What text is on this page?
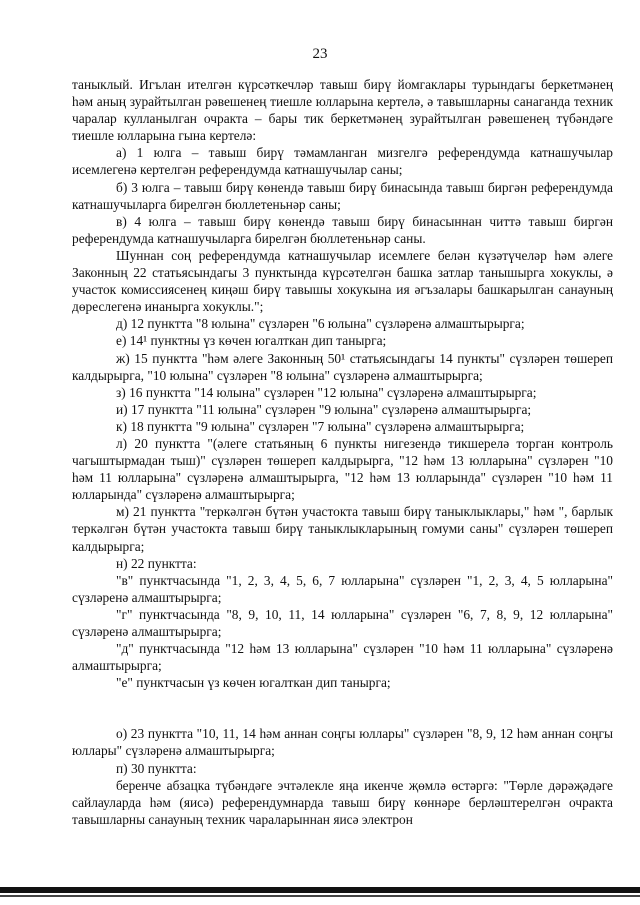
23

таныклый. Игълан ителгән күрсәткечләр тавыш бирү йомгаклары турындагы беркетмәнең һәм аның зурайтылган рәвешенең тиешле юлларына кертелә, ә тавышларны санаганда техник чаралар кулланылган очракта – бары тик беркетмәнең зурайтылган рәвешенең түбәндәге тиешле юлларына гына кертелә:

а) 1 юлга – тавыш бирү тәмамланган мизгелгә референдумда катнашучылар исемлегенә кертелгән референдумда катнашучылар саны;

б) 3 юлга – тавыш бирү көнендә тавыш бирү бинасында тавыш биргән референдумда катнашучыларга бирелгән бюллетеньнәр саны;

в) 4 юлга – тавыш бирү көнендә тавыш бирү бинасыннан читтә тавыш биргән референдумда катнашучыларга бирелгән бюллетеньнәр саны.

Шуннан соң референдумда катнашучылар исемлеге белән күзәтүчеләр һәм әлеге Законның 22 статьясындагы 3 пунктында күрсәтелгән башка затлар танышырга хокуклы, ә участок комиссиясенең киңәш бирү тавышы хокукына ия әгъзалары башкарылган санауның дөреслегенә инанырга хокуклы.";

д) 12 пунктта "8 юлына" сүзләрен "6 юлына" сүзләренә алмаштырырга;

е) 14¹ пунктны үз көчен югалткан дип танырга;

ж) 15 пунктта "һәм әлеге Законның 50¹ статьясындагы 14 пункты" сүзләрен төшереп калдырырга, "10 юлына" сүзләрен "8 юлына" сүзләренә алмаштырырга;

з) 16 пунктта "14 юлына" сүзләрен "12 юлына" сүзләренә алмаштырырга;

и) 17 пунктта "11 юлына" сүзләрен "9 юлына" сүзләренә алмаштырырга;

к) 18 пунктта "9 юлына" сүзләрен "7 юлына" сүзләренә алмаштырырга;

л) 20 пунктта "(әлеге статьяның 6 пункты нигезендә тикшерелә торган контроль чагыштырмадан тыш)" сүзләрен төшереп калдырырга, "12 һәм 13 юлларына" сүзләрен "10 һәм 11 юлларына" сүзләренә алмаштырырга, "12 һәм 13 юлларында" сүзләрен "10 һәм 11 юлларында" сүзләренә алмаштырырга;

м) 21 пунктта "теркәлгән бүтән участокта тавыш бирү таныклыклары," һәм ", барлык теркәлгән бүтән участокта тавыш бирү таныклыкларының гомуми саны" сүзләрен төшереп калдырырга;

н) 22 пунктта:

"в" пунктчасында "1, 2, 3, 4, 5, 6, 7 юлларына" сүзләрен "1, 2, 3, 4, 5 юлларына" сүзләренә алмаштырырга;

"г" пунктчасында "8, 9, 10, 11, 14 юлларына" сүзләрен "6, 7, 8, 9, 12 юлларына" сүзләренә алмаштырырга;

"д" пунктчасында "12 һәм 13 юлларына" сүзләрен "10 һәм 11 юлларына" сүзләренә алмаштырырга;

"е" пунктчасын үз көчен югалткан дип танырга;

о) 23 пунктта "10, 11, 14 һәм аннан соңгы юллары" сүзләрен "8, 9, 12 һәм аннан соңгы юллары" сүзләренә алмаштырырга;

п) 30 пунктта:

беренче абзацка түбәндәге эчтәлекле яңа икенче җөмлә өстәргә: "Төрле дәрәҗәдәге сайлауларда һәм (яисә) референдумнарда тавыш бирү көннәре берләштерелгән очракта тавышларны санауның техник чараларыннан яисә электрон
